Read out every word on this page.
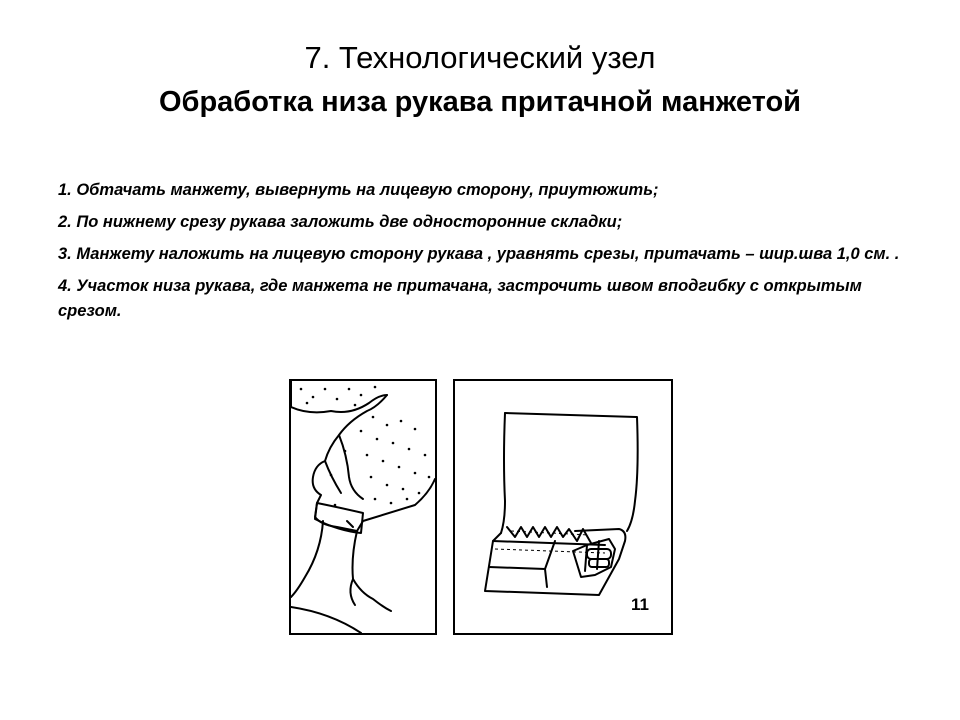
7. Технологический узел
Обработка низа рукава притачной манжетой

1. Обтачать манжету, вывернуть на лицевую сторону, приутюжить;

2. По нижнему срезу рукава заложить две односторонние складки;

3. Манжету наложить на лицевую сторону рукава , уравнять срезы, притачать – шир.шва 1,0 см. .

4. Участок низа рукава, где манжета не притачана, застрочить швом вподгибку с открытым срезом.

11
